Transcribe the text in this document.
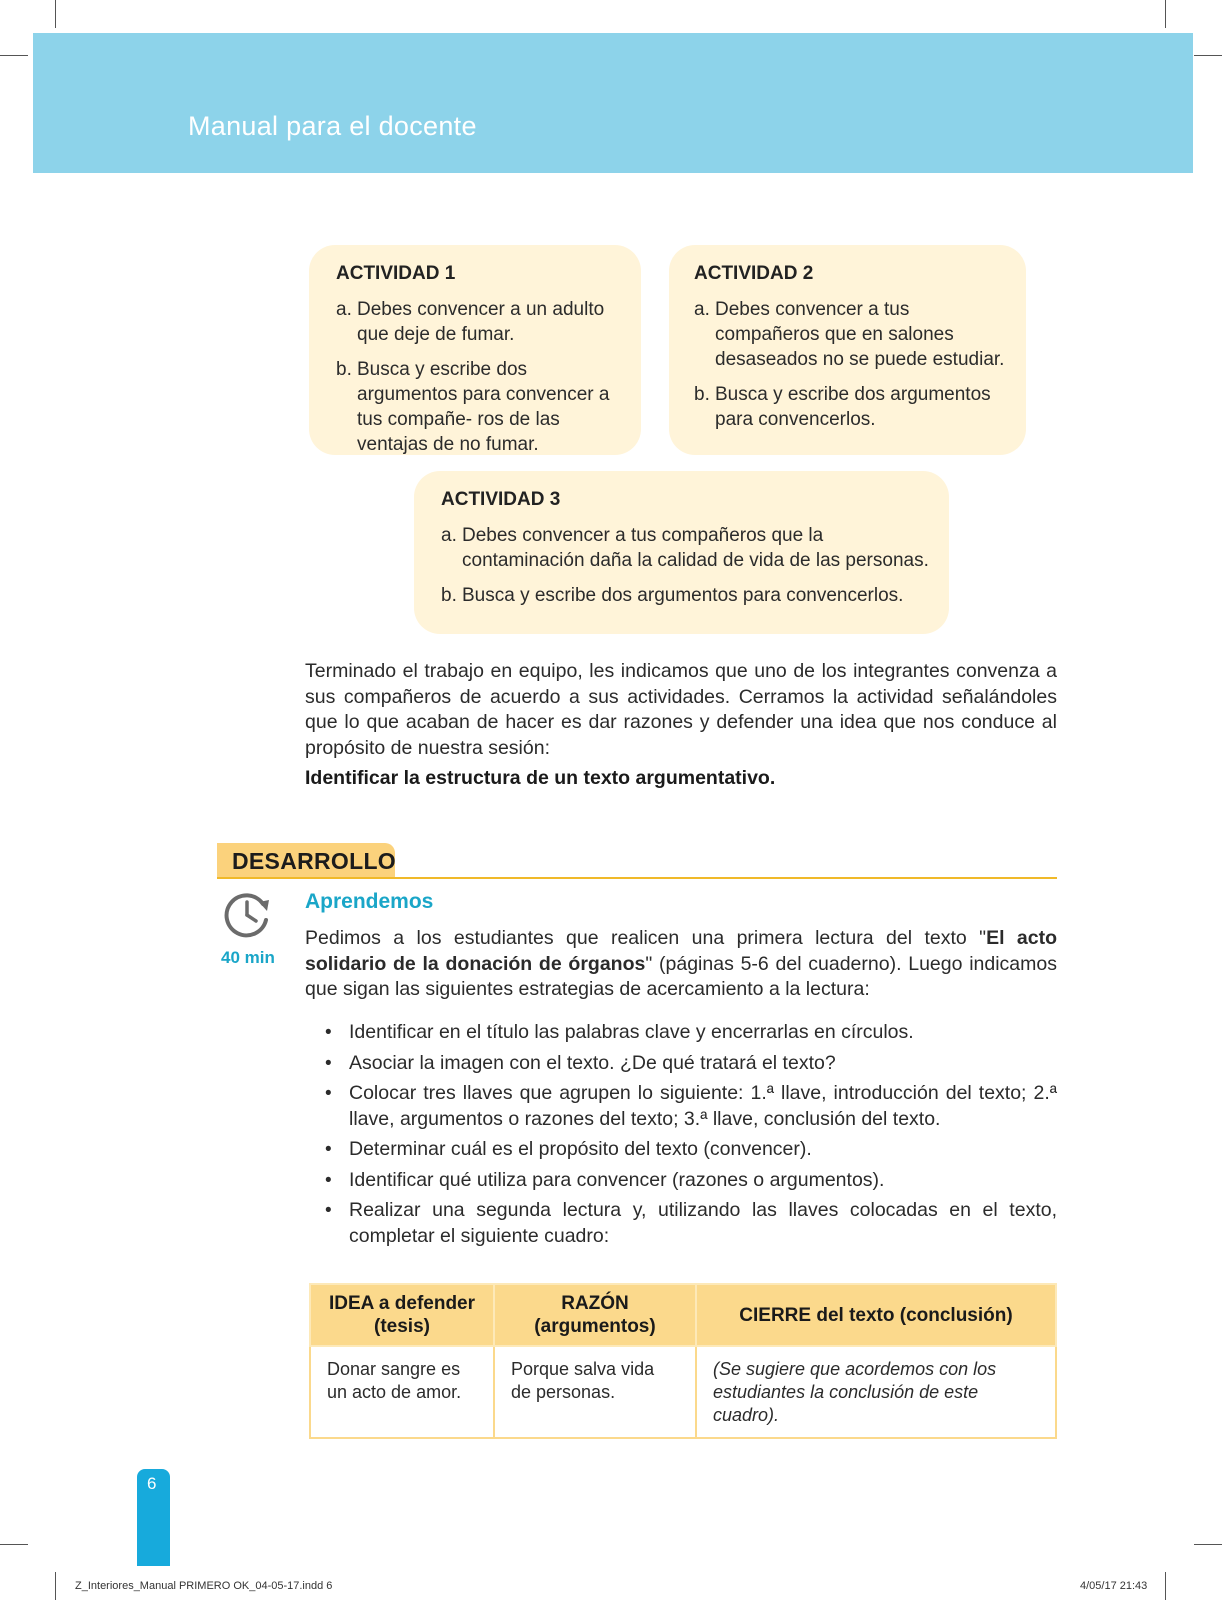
Manual para el docente
ACTIVIDAD 1
a. Debes convencer a un adulto que deje de fumar.
b. Busca y escribe dos argumentos para convencer a tus compañe- ros de las ventajas de no fumar.
ACTIVIDAD 2
a. Debes convencer a tus compañeros que en salones desaseados no se puede estudiar.
b. Busca y escribe dos argumentos para convencerlos.
ACTIVIDAD 3
a. Debes convencer a tus compañeros que la contaminación daña la calidad de vida de las personas.
b. Busca y escribe dos argumentos para convencerlos.
Terminado el trabajo en equipo, les indicamos que uno de los integrantes convenza a sus compañeros de acuerdo a sus actividades. Cerramos la actividad señalándoles que lo que acaban de hacer es dar razones y defender una idea que nos conduce al propósito de nuestra sesión:
Identificar la estructura de un texto argumentativo.
DESARROLLO
40 min
Aprendemos
Pedimos a los estudiantes que realicen una primera lectura del texto "El acto solidario de la donación de órganos" (páginas 5-6 del cuaderno). Luego indicamos que sigan las siguientes estrategias de acercamiento a la lectura:
• Identificar en el título las palabras clave y encerrarlas en círculos.
• Asociar la imagen con el texto. ¿De qué tratará el texto?
• Colocar tres llaves que agrupen lo siguiente: 1.ª llave, introducción del texto; 2.ª llave, argumentos o razones del texto; 3.ª llave, conclusión del texto.
• Determinar cuál es el propósito del texto (convencer).
• Identificar qué utiliza para convencer (razones o argumentos).
• Realizar una segunda lectura y, utilizando las llaves colocadas en el texto, completar el siguiente cuadro:
IDEA a defender (tesis)	RAZÓN (argumentos)	CIERRE del texto (conclusión)
Donar sangre es un acto de amor.	Porque salva vida de personas.	(Se sugiere que acordemos con los estudiantes la conclusión de este cuadro).
6
Z_Interiores_Manual PRIMERO OK_04-05-17.indd 6	4/05/17 21:43
